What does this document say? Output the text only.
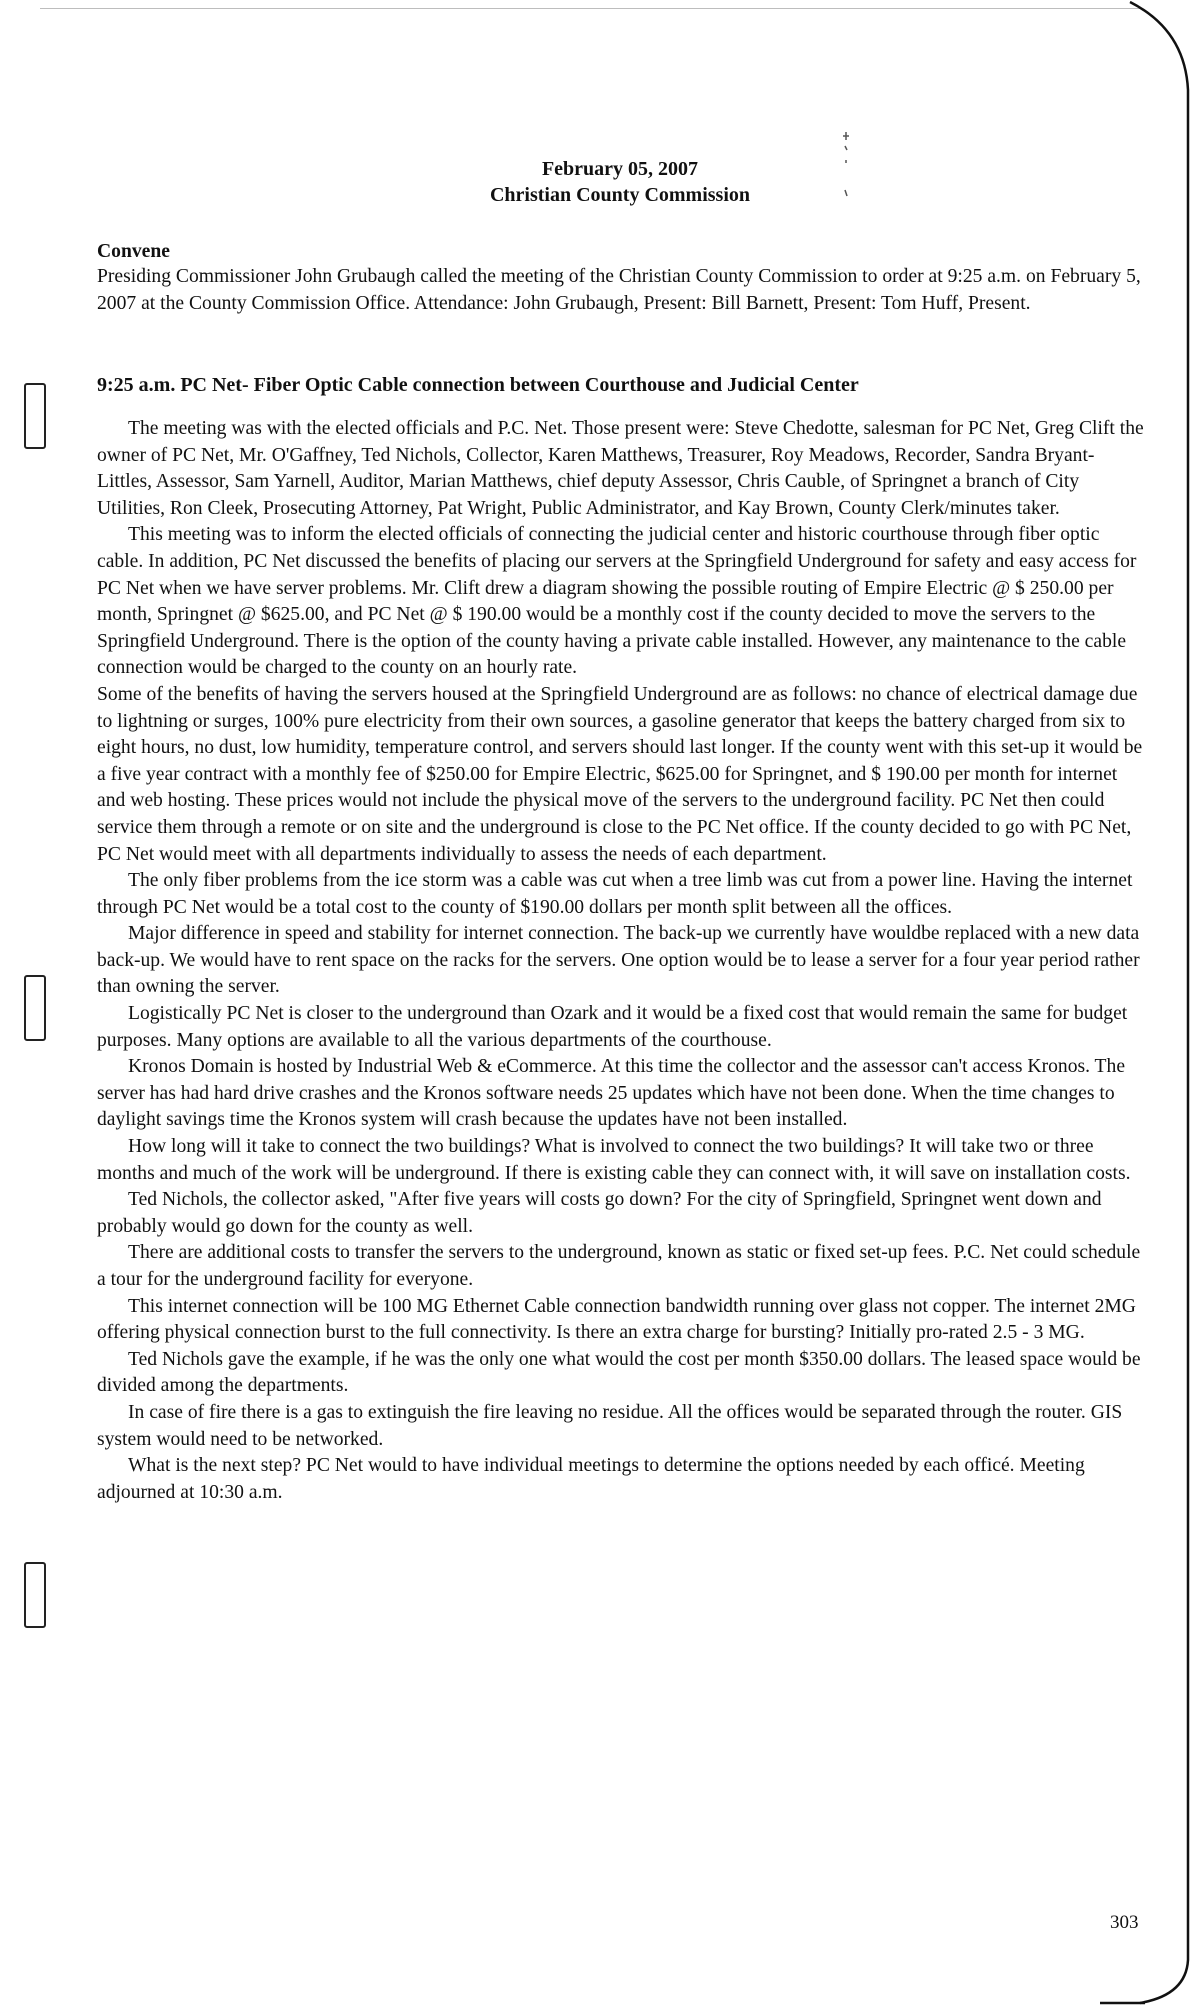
February 05, 2007
Christian County Commission
Convene
Presiding Commissioner John Grubaugh called the meeting of the Christian County Commission to order at 9:25 a.m. on February 5, 2007 at the County Commission Office. Attendance: John Grubaugh, Present: Bill Barnett, Present: Tom Huff, Present.
9:25 a.m. PC Net- Fiber Optic Cable connection between Courthouse and Judicial Center

The meeting was with the elected officials and P.C. Net. Those present were: Steve Chedotte, salesman for PC Net, Greg Clift the owner of PC Net, Mr. O'Gaffney, Ted Nichols, Collector, Karen Matthews, Treasurer, Roy Meadows, Recorder, Sandra Bryant-Littles, Assessor, Sam Yarnell, Auditor, Marian Matthews, chief deputy Assessor, Chris Cauble, of Springnet a branch of City Utilities, Ron Cleek, Prosecuting Attorney, Pat Wright, Public Administrator, and Kay Brown, County Clerk/minutes taker.

This meeting was to inform the elected officials of connecting the judicial center and historic courthouse through fiber optic cable. In addition, PC Net discussed the benefits of placing our servers at the Springfield Underground for safety and easy access for PC Net when we have server problems. Mr. Clift drew a diagram showing the possible routing of Empire Electric @ $ 250.00 per month, Springnet @ $625.00, and PC Net @ $ 190.00 would be a monthly cost if the county decided to move the servers to the Springfield Underground. There is the option of the county having a private cable installed. However, any maintenance to the cable connection would be charged to the county on an hourly rate.

Some of the benefits of having the servers housed at the Springfield Underground are as follows: no chance of electrical damage due to lightning or surges, 100% pure electricity from their own sources, a gasoline generator that keeps the battery charged from six to eight hours, no dust, low humidity, temperature control, and servers should last longer. If the county went with this set-up it would be a five year contract with a monthly fee of $250.00 for Empire Electric, $625.00 for Springnet, and $ 190.00 per month for internet and web hosting. These prices would not include the physical move of the servers to the underground facility. PC Net then could service them through a remote or on site and the underground is close to the PC Net office. If the county decided to go with PC Net, PC Net would meet with all departments individually to assess the needs of each department.

The only fiber problems from the ice storm was a cable was cut when a tree limb was cut from a power line. Having the internet through PC Net would be a total cost to the county of $190.00 dollars per month split between all the offices.

Major difference in speed and stability for internet connection. The back-up we currently have wouldbe replaced with a new data back-up. We would have to rent space on the racks for the servers. One option would be to lease a server for a four year period rather than owning the server.

Logistically PC Net is closer to the underground than Ozark and it would be a fixed cost that would remain the same for budget purposes. Many options are available to all the various departments of the courthouse.

Kronos Domain is hosted by Industrial Web & eCommerce. At this time the collector and the assessor can't access Kronos. The server has had hard drive crashes and the Kronos software needs 25 updates which have not been done. When the time changes to daylight savings time the Kronos system will crash because the updates have not been installed.

How long will it take to connect the two buildings? What is involved to connect the two buildings? It will take two or three months and much of the work will be underground. If there is existing cable they can connect with, it will save on installation costs.

Ted Nichols, the collector asked, "After five years will costs go down? For the city of Springfield, Springnet went down and probably would go down for the county as well.

There are additional costs to transfer the servers to the underground, known as static or fixed set-up fees. P.C. Net could schedule a tour for the underground facility for everyone.

This internet connection will be 100 MG Ethernet Cable connection bandwidth running over glass not copper. The internet 2MG offering physical connection burst to the full connectivity. Is there an extra charge for bursting? Initially pro-rated 2.5 - 3 MG.

Ted Nichols gave the example, if he was the only one what would the cost per month $350.00 dollars. The leased space would be divided among the departments.

In case of fire there is a gas to extinguish the fire leaving no residue. All the offices would be separated through the router. GIS system would need to be networked.

What is the next step? PC Net would to have individual meetings to determine the options needed by each officé. Meeting adjourned at 10:30 a.m.

303
